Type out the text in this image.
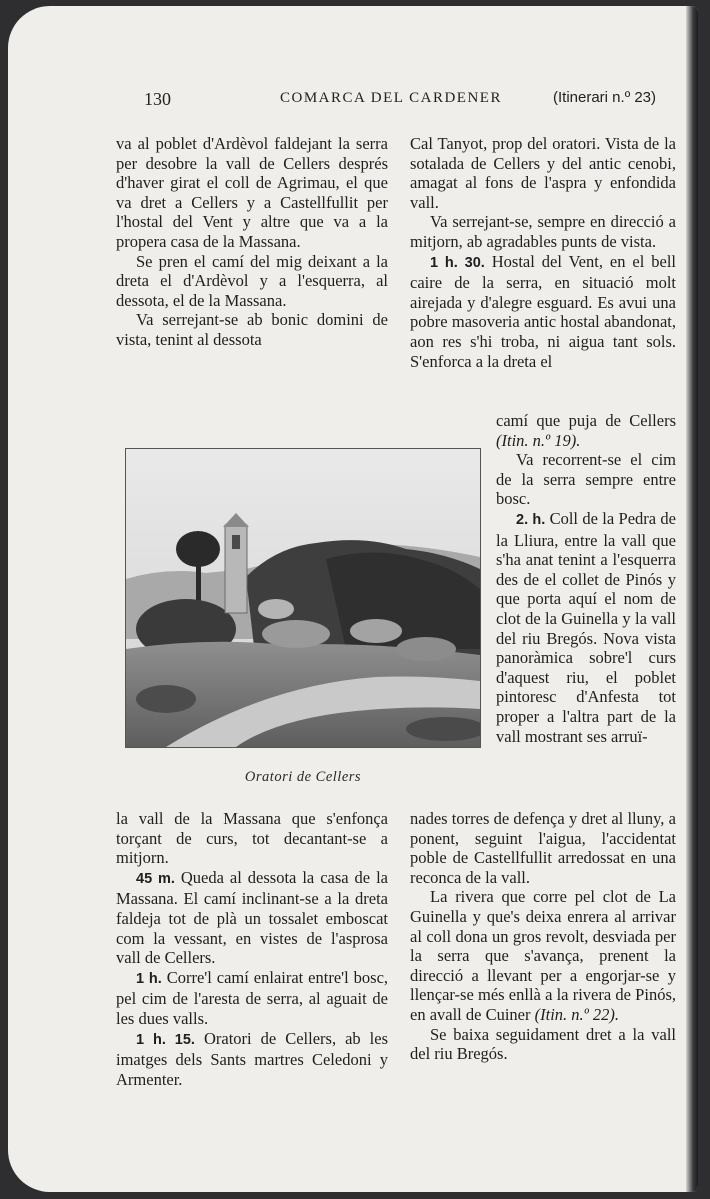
130	COMARCA DEL CARDENER	(Itinerari n.º 23)

va al poblet d'Ardèvol faldejant la serra per desobre la vall de Cellers després d'haver girat el coll de Agrimau, el que va dret a Cellers y a Castellfullit per l'hostal del Vent y altre que va a la propera casa de la Massana.

Se pren el camí del mig deixant a la dreta el d'Ardèvol y a l'esquerra, al dessota, el de la Massana.

Va serrejant-se ab bonic domini de vista, tenint al dessota

Oratori de Cellers

la vall de la Massana que s'enfonça torçant de curs, tot decantant-se a mitjorn.

45 m. Queda al dessota la casa de la Massana. El camí inclinant-se a la dreta faldeja tot de plà un tossalet emboscat com la vessant, en vistes de l'asprosa vall de Cellers.

1 h. Corre'l camí enlairat entre'l bosc, pel cim de l'aresta de serra, al aguait de les dues valls.

1 h. 15. Oratori de Cellers, ab les imatges dels Sants martres Celedoni y Armenter.

Cal Tanyot, prop del oratori. Vista de la sotalada de Cellers y del antic cenobi, amagat al fons de l'aspra y enfondida vall.

Va serrejant-se, sempre en direcció a mitjorn, ab agradables punts de vista.

1 h. 30. Hostal del Vent, en el bell caire de la serra, en situació molt airejada y d'alegre esguard. Es avui una pobre masoveria antic hostal abandonat, aon res s'hi troba, ni aigua tant sols. S'enforca a la dreta el

camí que puja de Cellers (Itin. n.º 19).

Va recorrent-se el cim de la serra sempre entre bosc.

2. h. Coll de la Pedra de la Lliura, entre la vall que s'ha anat tenint a l'esquerra des de el collet de Pinós y que porta aquí el nom de clot de la Guinella y la vall del riu Bregós. Nova vista panoràmica sobre'l curs d'aquest riu, el poblet pintoresc d'Anfesta tot proper a l'altra part de la vall mostrant ses arruï-

nades torres de defença y dret al lluny, a ponent, seguint l'aigua, l'accidentat poble de Castellfullit arredossat en una reconca de la vall.

La rivera que corre pel clot de La Guinella y que's deixa enrera al arrivar al coll dona un gros revolt, desviada per la serra que s'avança, prenent la direcció a llevant per a engorjar-se y llençar-se més enllà a la rivera de Pinós, en avall de Cuiner (Itin. n.º 22).

Se baixa seguidament dret a la vall del riu Bregós.
